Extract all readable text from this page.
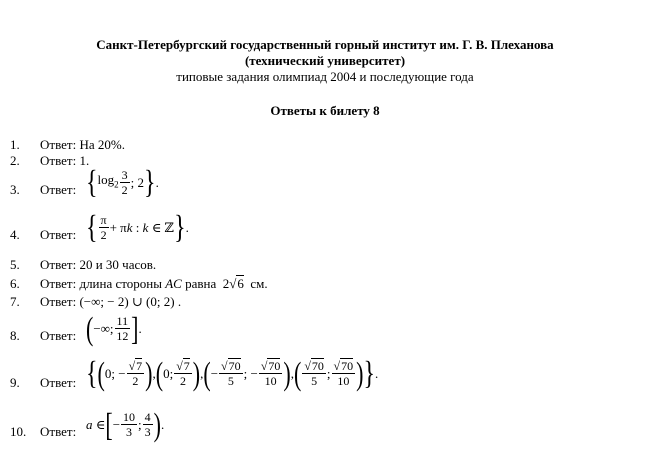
Санкт-Петербургский государственный горный институт им. Г. В. Плеханова
(технический университет)
типовые задания олимпиад 2004 и последующие года
Ответы к билету 8
1.	Ответ: На 20%.
2.	Ответ: 1.
3.	Ответ: {$\log_2 \frac{3}{2}$ ; 2}.
4.	Ответ: { $\frac{\pi}{2} + \pi k$ : k ∈ ℤ}.
5.	Ответ: 20 и 30 часов.
6.	Ответ: длина стороны AC равна 2√6 см.
7.	Ответ: (−∞; − 2) ∪ (0; 2) .
8.	Ответ: (−∞; $\frac{11}{12}$ ].
9.	Ответ: {(0; − $\frac{√7}{2} ),(0$; $\frac{√7}{2}$ ),(− $\frac{√70}{5}$ ; − $\frac{√70}{10}$ ),( $\frac{√70}{5}$ ; $\frac{√70}{10}$ )}.
10.	Ответ: a ∈[− $\frac{10}{3}$ ; $\frac{4}{3}$ ).
